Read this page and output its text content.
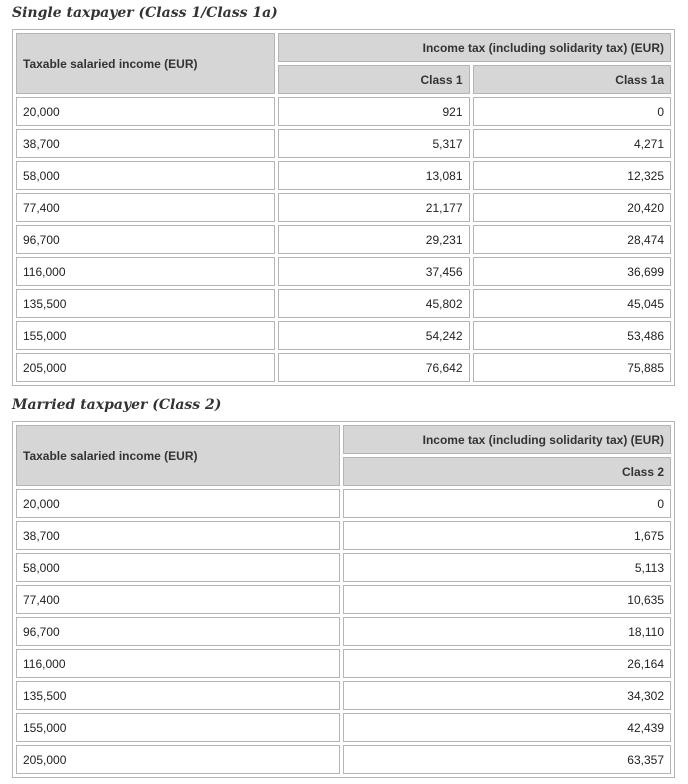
Single taxpayer (Class 1/Class 1a)
Taxable salaried income (EUR)	Income tax (including solidarity tax) (EUR)	
	Class 1	Class 1a
20,000	921	0
38,700	5,317	4,271
58,000	13,081	12,325
77,400	21,177	20,420
96,700	29,231	28,474
116,000	37,456	36,699
135,500	45,802	45,045
155,000	54,242	53,486
205,000	76,642	75,885
Married taxpayer (Class 2)
Taxable salaried income (EUR)	Income tax (including solidarity tax) (EUR)
	Class 2
20,000	0
38,700	1,675
58,000	5,113
77,400	10,635
96,700	18,110
116,000	26,164
135,500	34,302
155,000	42,439
205,000	63,357
